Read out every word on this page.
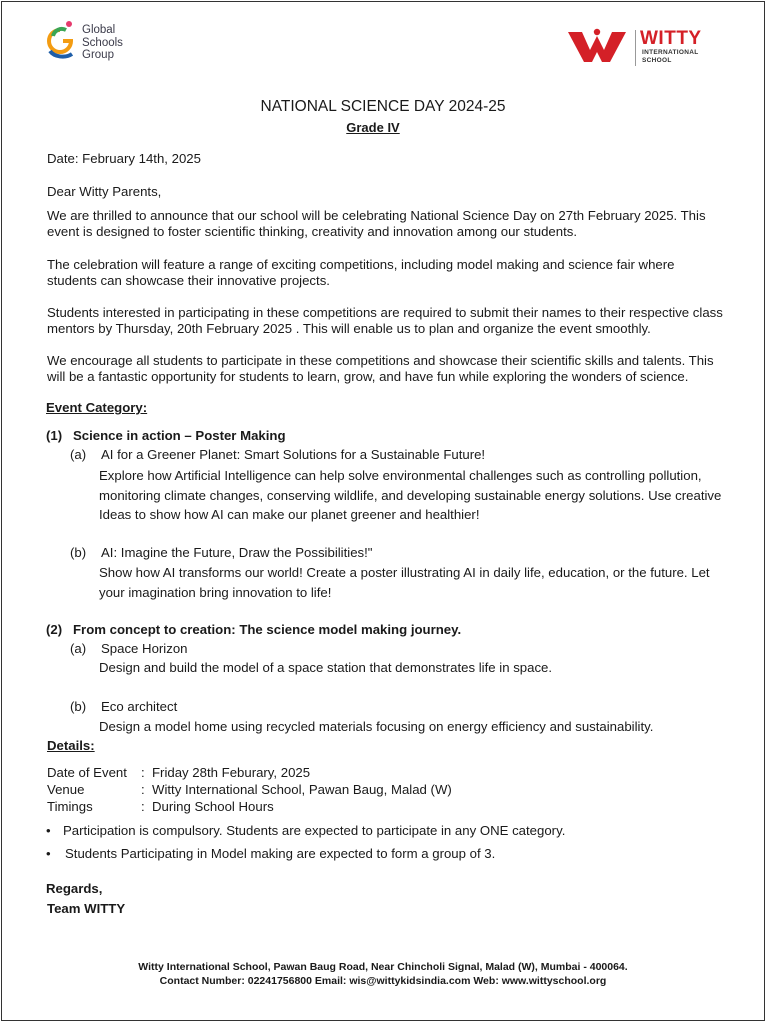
Global
Schools
Group
WITTY
INTERNATIONAL
SCHOOL
NATIONAL SCIENCE DAY 2024-25
Grade IV
Date: February 14th, 2025
Dear Witty Parents,
We are thrilled to announce that our school will be celebrating National Science Day on 27th February 2025. This event is designed to foster scientific thinking, creativity and innovation among our students.
The celebration will feature a range of exciting competitions, including model making and science fair where students can showcase their innovative projects.
Students interested in participating in these competitions are required to submit their names to their respective class mentors by Thursday, 20th February 2025 . This will enable us to plan and organize the event smoothly.
We encourage all students to participate in these competitions and showcase their scientific skills and talents. This will be a fantastic opportunity for students to learn, grow, and have fun while exploring the wonders of science.
Event Category:
(1) Science in action – Poster Making
(a) AI for a Greener Planet: Smart Solutions for a Sustainable Future!
Explore how Artificial Intelligence can help solve environmental challenges such as controlling pollution, monitoring climate changes, conserving wildlife, and developing sustainable energy solutions. Use creative Ideas to show how AI can make our planet greener and healthier!
(b) AI: Imagine the Future, Draw the Possibilities!"
Show how AI transforms our world! Create a poster illustrating AI in daily life, education, or the future. Let your imagination bring innovation to life!
(2) From concept to creation: The science model making journey.
(a) Space Horizon
Design and build the model of a space station that demonstrates life in space.
(b) Eco architect
Design a model home using recycled materials focusing on energy efficiency and sustainability.
Details:
Date of Event : Friday 28th Feburary, 2025
Venue	: Witty International School, Pawan Baug, Malad (W)
Timings	: During School Hours
• Participation is compulsory. Students are expected to participate in any ONE category.
• Students Participating in Model making are expected to form a group of 3.
Regards,
Team WITTY
Witty International School, Pawan Baug Road, Near Chincholi Signal, Malad (W), Mumbai - 400064.
Contact Number: 02241756800 Email: wis@wittykidsindia.com Web: www.wittyschool.org
